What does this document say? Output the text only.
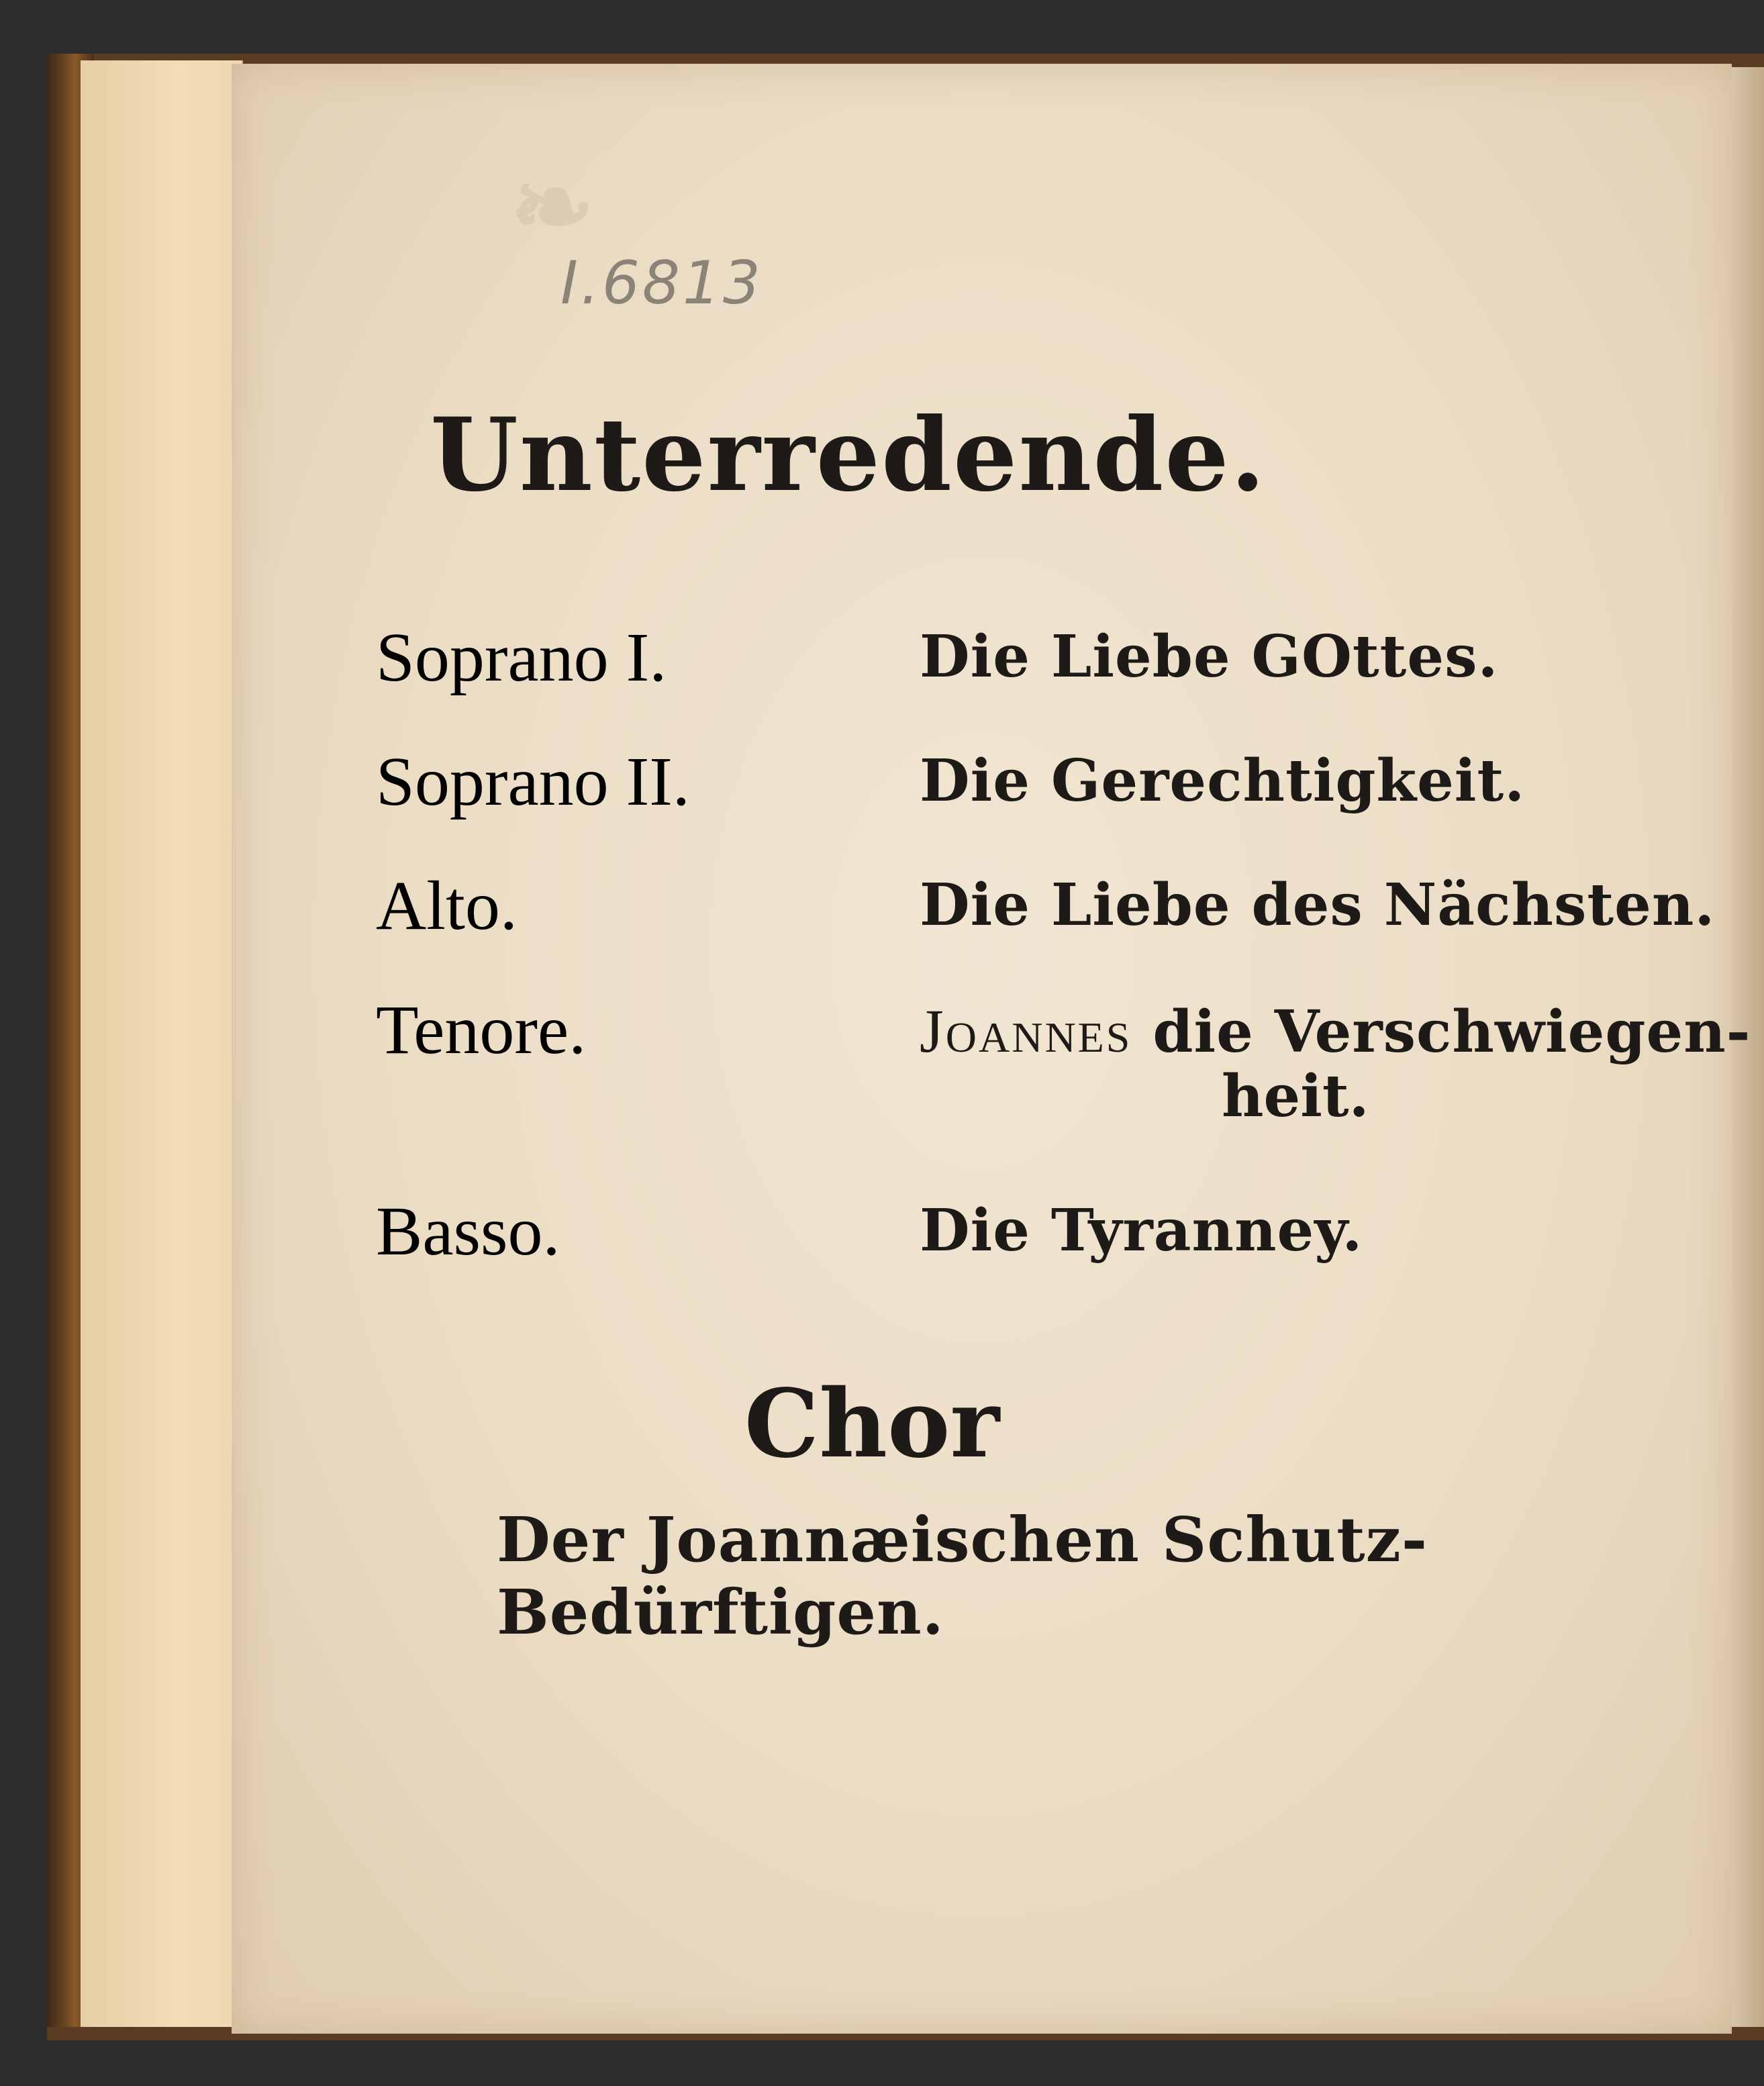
I.6813
Unterredende.
Soprano I.	Die Liebe GOttes.
Soprano II.	Die Gerechtigkeit.
Alto.	Die Liebe des Nächsten.
Tenore.	Joannes die Verschwiegen-
heit.
Basso.	Die Tyranney.
Chor
Der Joannæischen Schutz-Bedürftigen.
